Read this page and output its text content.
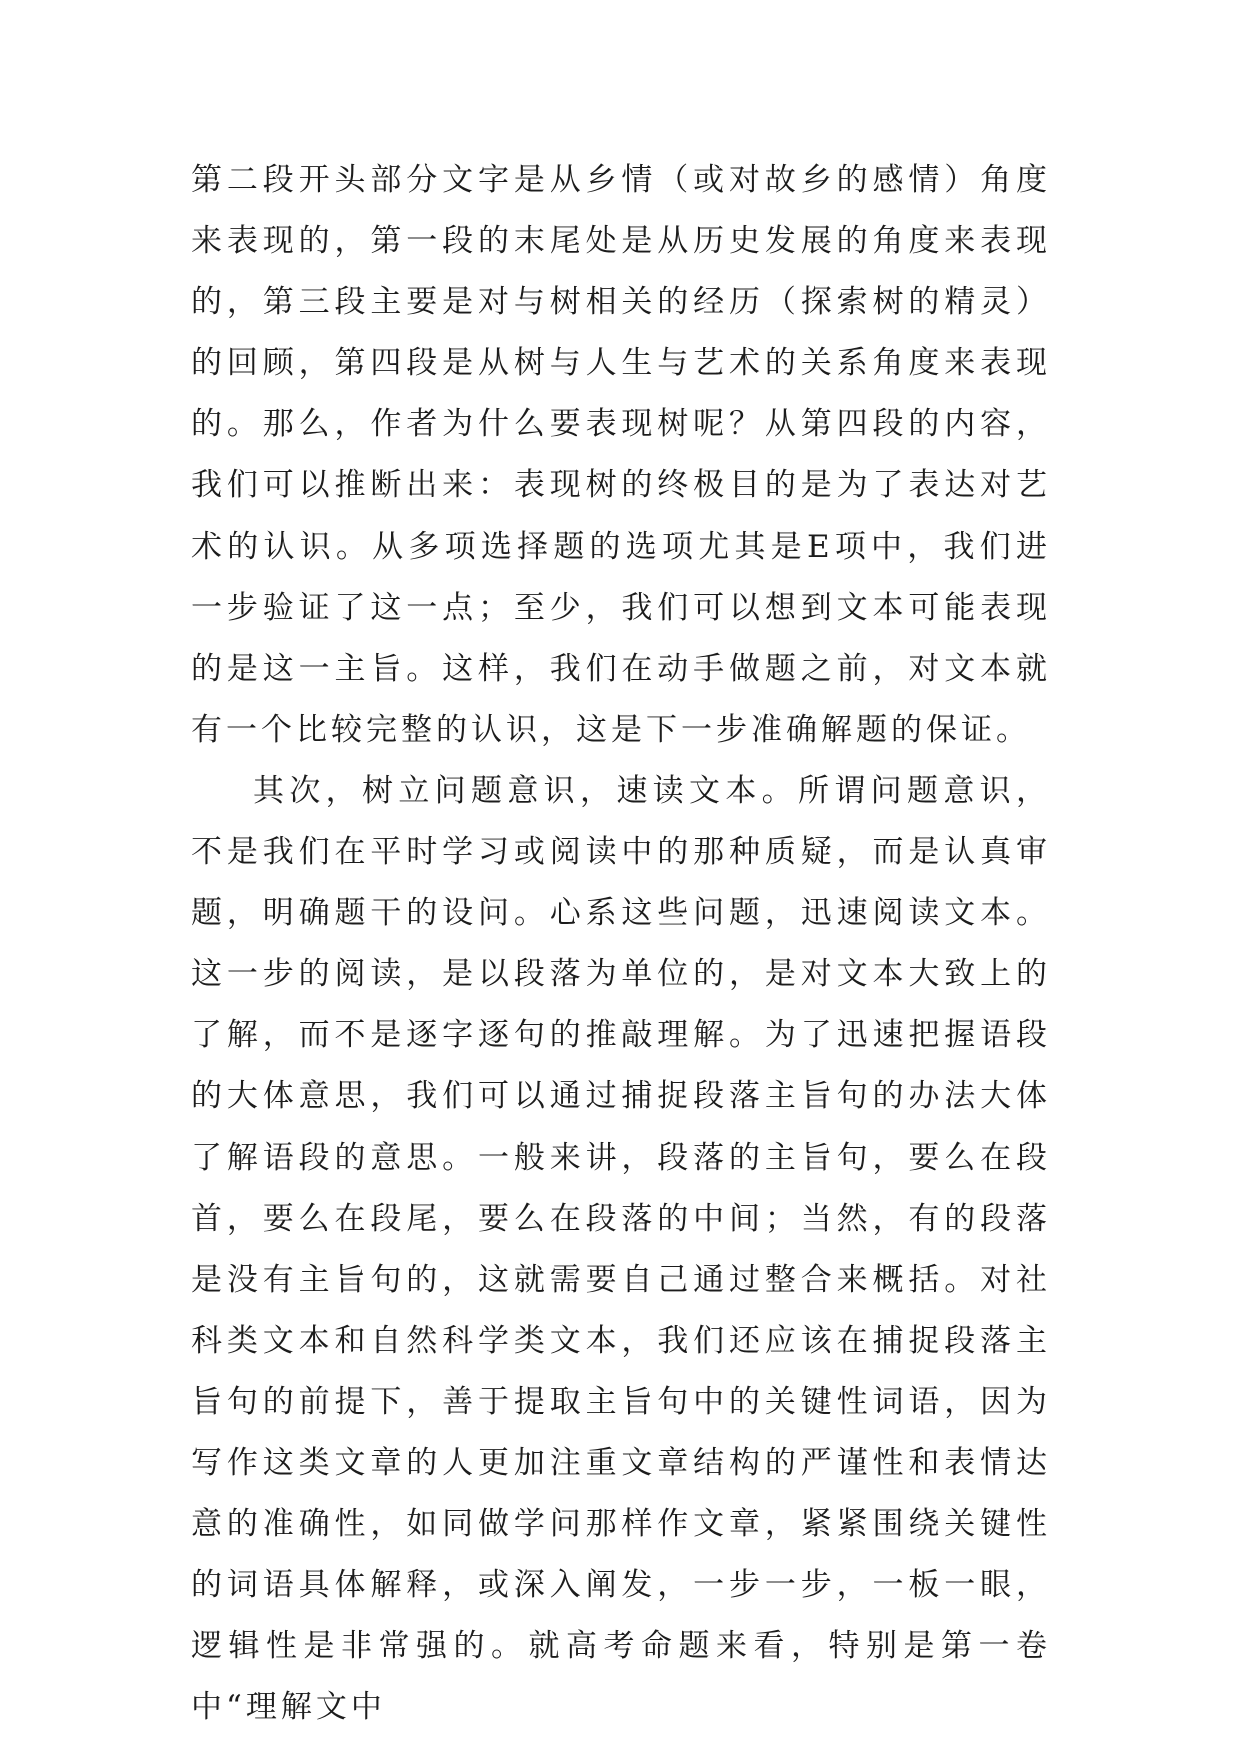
第二段开头部分文字是从乡情（或对故乡的感情）角度来表现的，第一段的末尾处是从历史发展的角度来表现的，第三段主要是对与树相关的经历（探索树的精灵）的回顾，第四段是从树与人生与艺术的关系角度来表现的。那么，作者为什么要表现树呢？从第四段的内容，我们可以推断出来：表现树的终极目的是为了表达对艺术的认识。从多项选择题的选项尤其是E项中，我们进一步验证了这一点；至少，我们可以想到文本可能表现的是这一主旨。这样，我们在动手做题之前，对文本就有一个比较完整的认识，这是下一步准确解题的保证。

其次，树立问题意识，速读文本。所谓问题意识，不是我们在平时学习或阅读中的那种质疑，而是认真审题，明确题干的设问。心系这些问题，迅速阅读文本。这一步的阅读，是以段落为单位的，是对文本大致上的了解，而不是逐字逐句的推敲理解。为了迅速把握语段的大体意思，我们可以通过捕捉段落主旨句的办法大体了解语段的意思。一般来讲，段落的主旨句，要么在段首，要么在段尾，要么在段落的中间；当然，有的段落是没有主旨句的，这就需要自己通过整合来概括。对社科类文本和自然科学类文本，我们还应该在捕捉段落主旨句的前提下，善于提取主旨句中的关键性词语，因为写作这类文章的人更加注重文章结构的严谨性和表情达意的准确性，如同做学问那样作文章，紧紧围绕关键性的词语具体解释，或深入阐发，一步一步，一板一眼，逻辑性是非常强的。就高考命题来看，特别是第一卷中“理解文中
